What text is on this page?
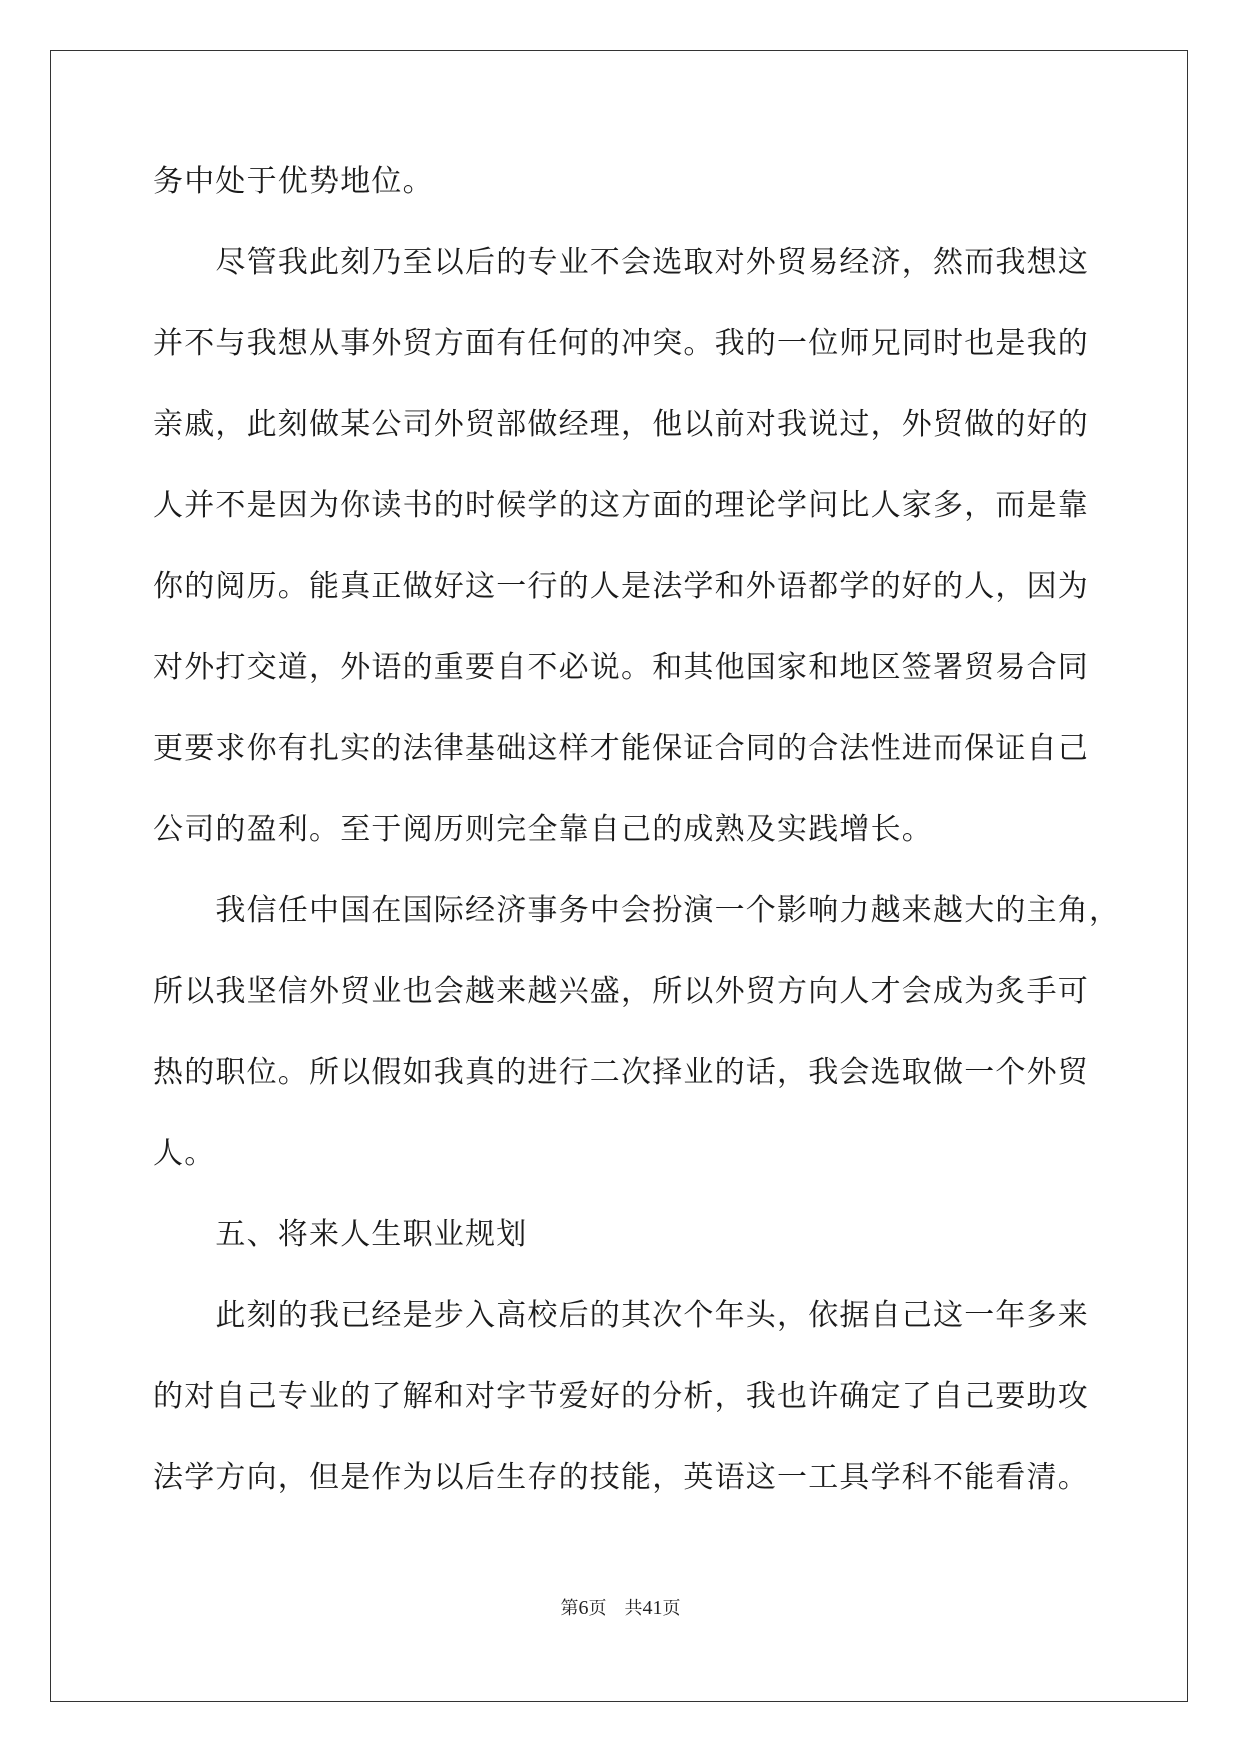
务中处于优势地位。
　　尽管我此刻乃至以后的专业不会选取对外贸易经济，然而我想这
并不与我想从事外贸方面有任何的冲突。我的一位师兄同时也是我的
亲戚，此刻做某公司外贸部做经理，他以前对我说过，外贸做的好的
人并不是因为你读书的时候学的这方面的理论学问比人家多，而是靠
你的阅历。能真正做好这一行的人是法学和外语都学的好的人，因为
对外打交道，外语的重要自不必说。和其他国家和地区签署贸易合同
更要求你有扎实的法律基础这样才能保证合同的合法性进而保证自己
公司的盈利。至于阅历则完全靠自己的成熟及实践增长。
　　我信任中国在国际经济事务中会扮演一个影响力越来越大的主角，
所以我坚信外贸业也会越来越兴盛，所以外贸方向人才会成为炙手可
热的职位。所以假如我真的进行二次择业的话，我会选取做一个外贸
人。
　　五、将来人生职业规划
　　此刻的我已经是步入高校后的其次个年头，依据自己这一年多来
的对自己专业的了解和对字节爱好的分析，我也许确定了自己要助攻
法学方向，但是作为以后生存的技能，英语这一工具学科不能看清。
第6页　共41页
